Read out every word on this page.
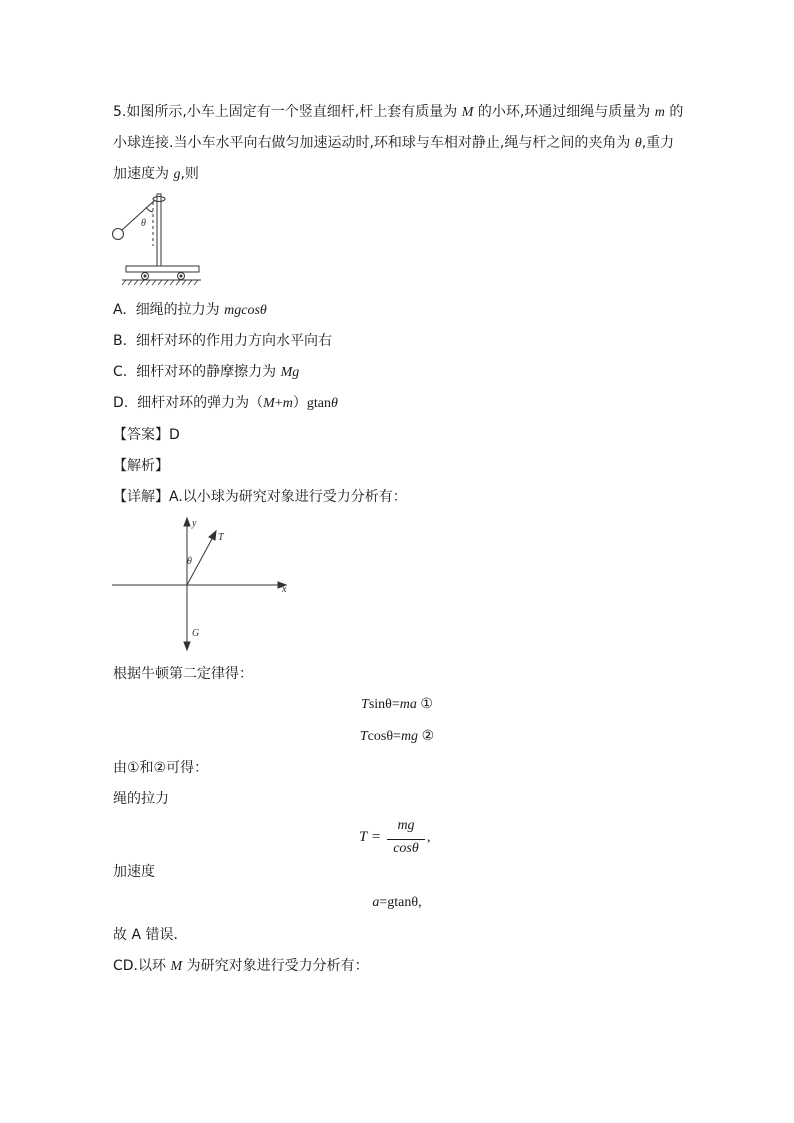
5.如图所示,小车上固定有一个竖直细杆,杆上套有质量为 M 的小环,环通过细绳与质量为 m 的
小球连接.当小车水平向右做匀加速运动时,环和球与车相对静止,绳与杆之间的夹角为 θ,重力
加速度为 g,则
θ
A. 细绳的拉力为 mgcosθ
B. 细杆对环的作用力方向水平向右
C. 细杆对环的静摩擦力为 Mg
D. 细杆对环的弹力为（M+m）gtanθ
【答案】D
【解析】
【详解】A.以小球为研究对象进行受力分析有：
y
x
T
θ
G
根据牛顿第二定律得：
Tsinθ=ma ①
Tcosθ=mg ②
由①和②可得：
绳的拉力
T =
mg
cosθ
,
加速度
a=gtanθ,
故 A 错误．
CD.以环 M 为研究对象进行受力分析有：
